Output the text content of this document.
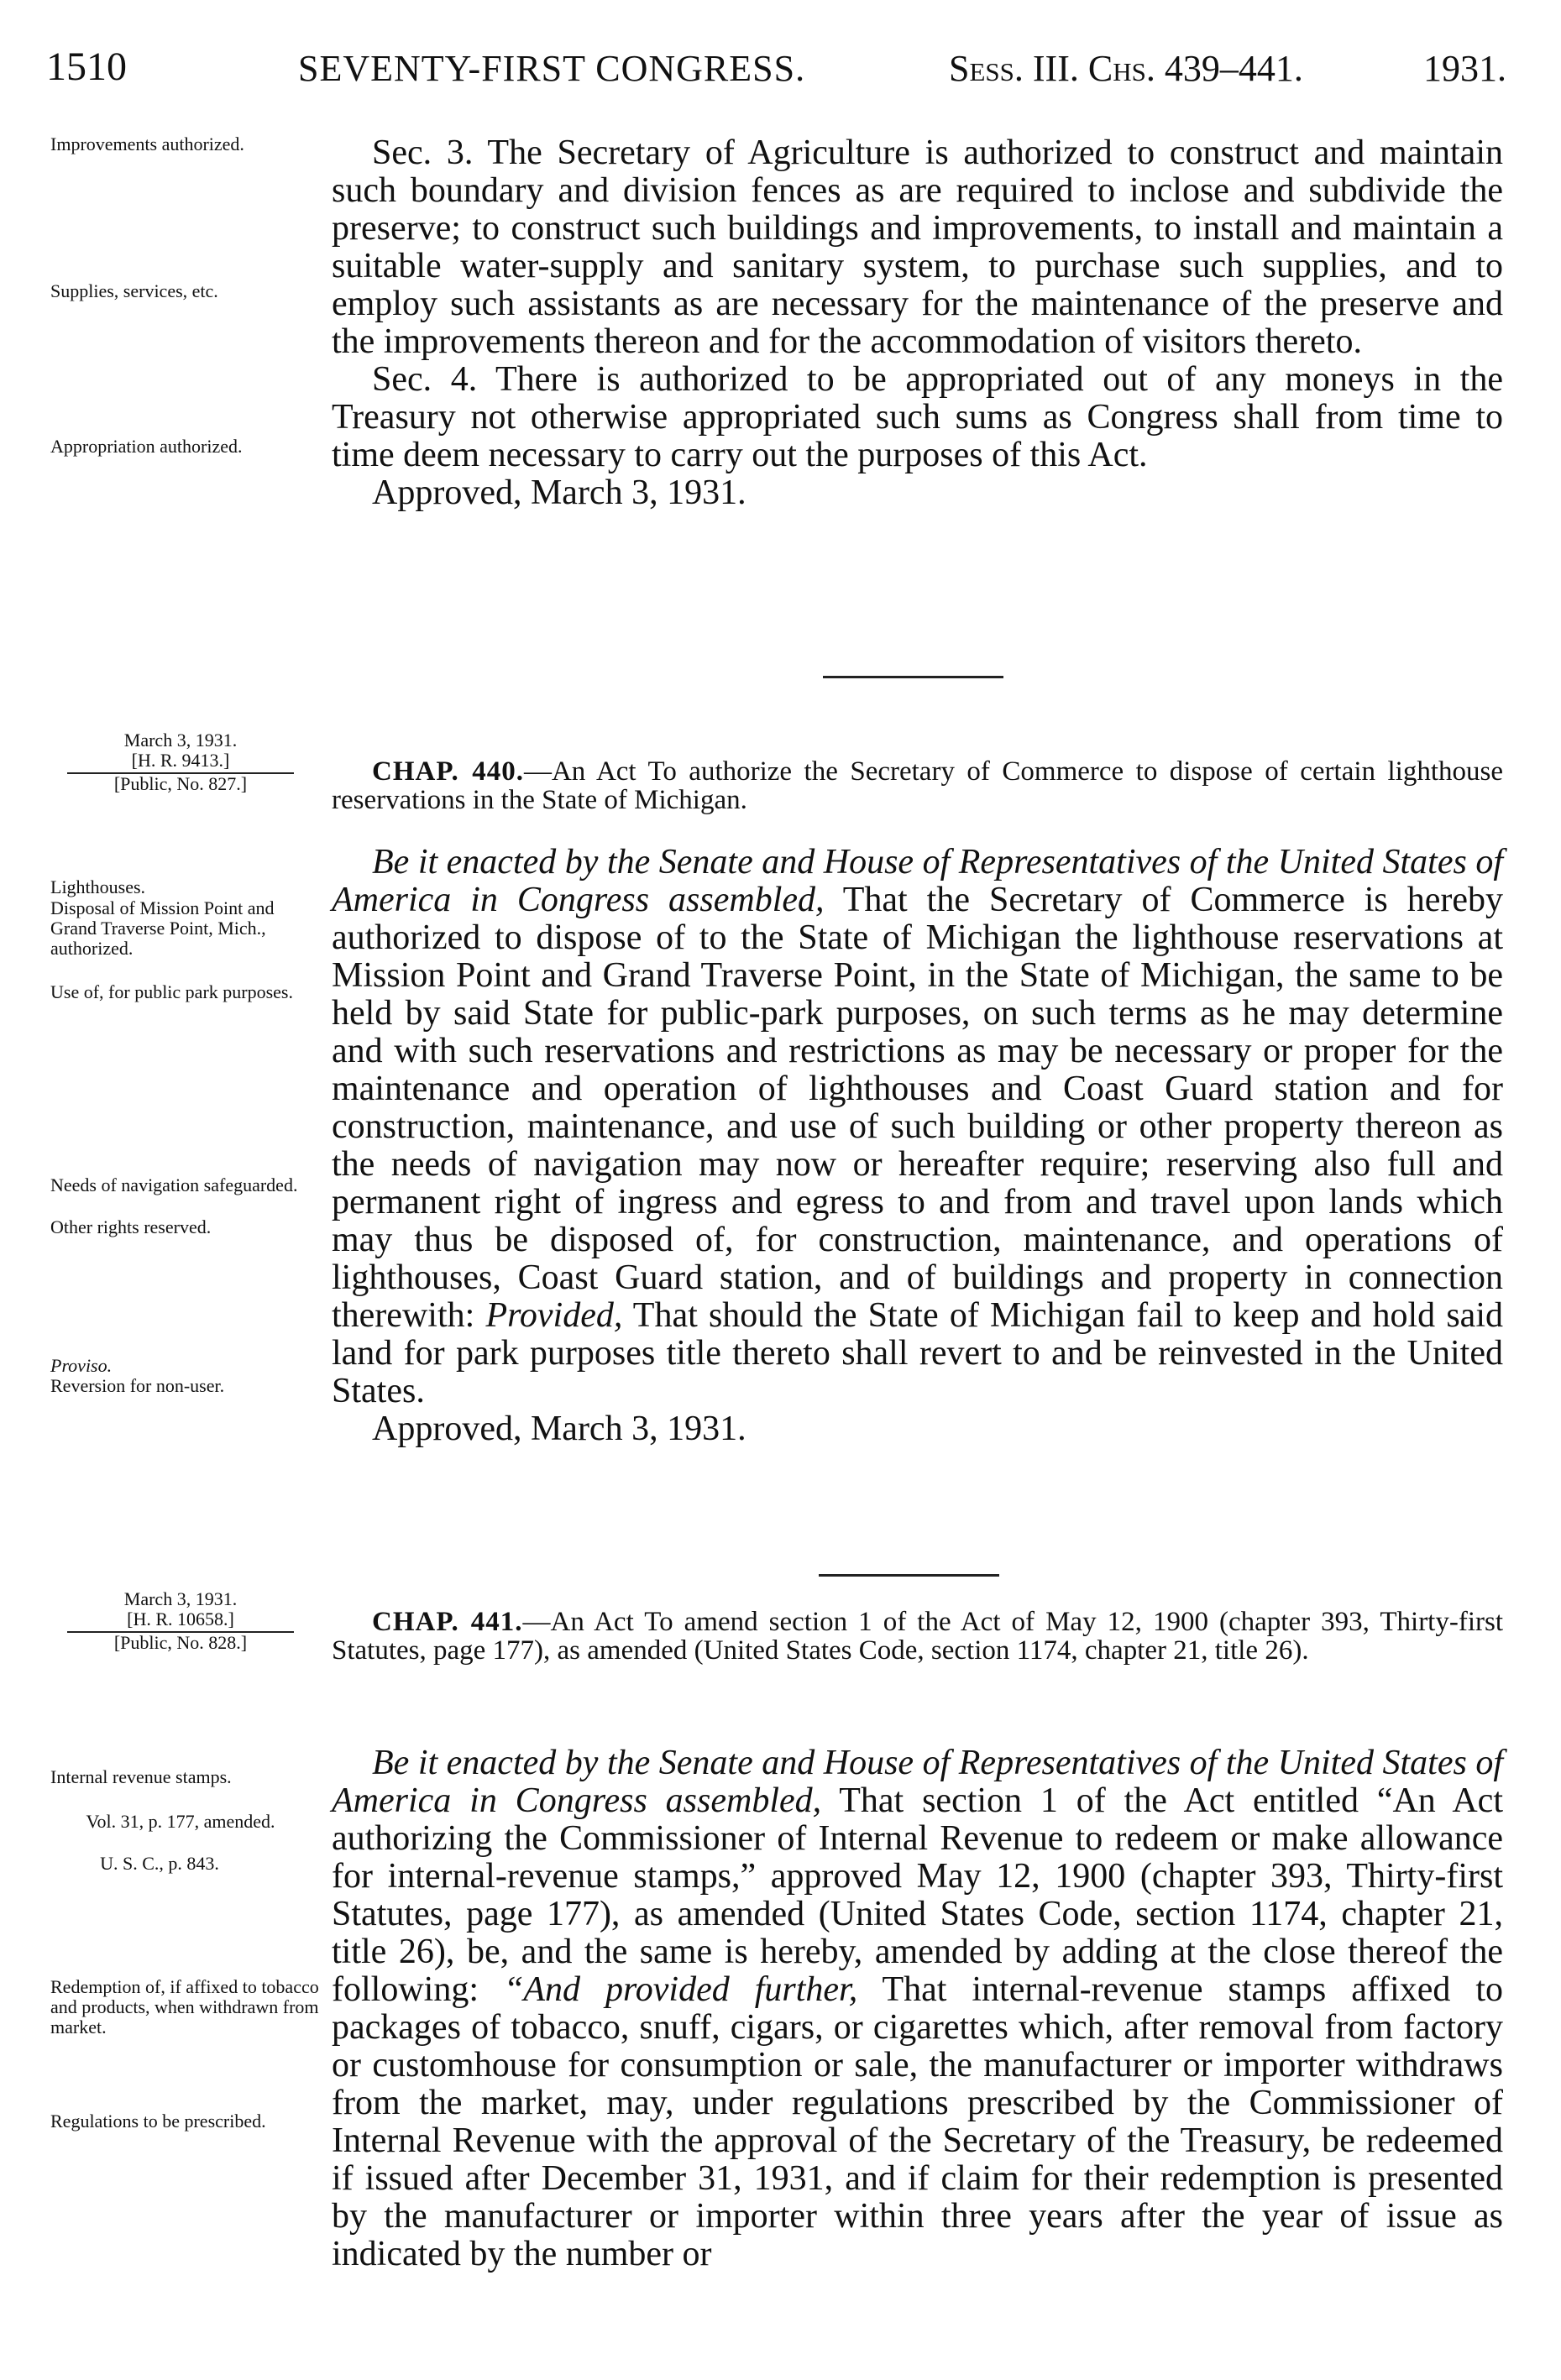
1510	SEVENTY-FIRST CONGRESS.	Sess. III. Chs. 439–441.	1931.
Improvements authorized.
Supplies, services, etc.
Appropriation authorized.

Sec. 3. The Secretary of Agriculture is authorized to construct and maintain such boundary and division fences as are required to inclose and subdivide the preserve; to construct such buildings and improvements, to install and maintain a suitable water-supply and sanitary system, to purchase such supplies, and to employ such assistants as are necessary for the maintenance of the preserve and the improvements thereon and for the accommodation of visitors thereto.

Sec. 4. There is authorized to be appropriated out of any moneys in the Treasury not otherwise appropriated such sums as Congress shall from time to time deem necessary to carry out the purposes of this Act.

Approved, March 3, 1931.

March 3, 1931.
[H. R. 9413.]
[Public, No. 827.]	CHAP. 440.—An Act To authorize the Secretary of Commerce to dispose of certain lighthouse reservations in the State of Michigan.

Lighthouses.
Disposal of Mission Point and Grand Traverse Point, Mich., authorized.
Use of, for public park purposes.
Needs of navigation safeguarded.
Other rights reserved.
Proviso.
Reversion for non-user.

Be it enacted by the Senate and House of Representatives of the United States of America in Congress assembled, That the Secretary of Commerce is hereby authorized to dispose of to the State of Michigan the lighthouse reservations at Mission Point and Grand Traverse Point, in the State of Michigan, the same to be held by said State for public-park purposes, on such terms as he may determine and with such reservations and restrictions as may be necessary or proper for the maintenance and operation of lighthouses and Coast Guard station and for construction, maintenance, and use of such building or other property thereon as the needs of navigation may now or hereafter require; reserving also full and permanent right of ingress and egress to and from and travel upon lands which may thus be disposed of, for construction, maintenance, and operations of lighthouses, Coast Guard station, and of buildings and property in connection therewith: Provided, That should the State of Michigan fail to keep and hold said land for park purposes title thereto shall revert to and be reinvested in the United States.

Approved, March 3, 1931.

March 3, 1931.
[H. R. 10658.]
[Public, No. 828.]

CHAP. 441.—An Act To amend section 1 of the Act of May 12, 1900 (chapter 393, Thirty-first Statutes, page 177), as amended (United States Code, section 1174, chapter 21, title 26).

Internal revenue stamps.
Vol. 31, p. 177, amended.
U. S. C., p. 843.
Redemption of, if affixed to tobacco and products, when withdrawn from market.
Regulations to be prescribed.

Be it enacted by the Senate and House of Representatives of the United States of America in Congress assembled, That section 1 of the Act entitled “An Act authorizing the Commissioner of Internal Revenue to redeem or make allowance for internal-revenue stamps,” approved May 12, 1900 (chapter 393, Thirty-first Statutes, page 177), as amended (United States Code, section 1174, chapter 21, title 26), be, and the same is hereby, amended by adding at the close thereof the following: “And provided further, That internal-revenue stamps affixed to packages of tobacco, snuff, cigars, or cigarettes which, after removal from factory or customhouse for consumption or sale, the manufacturer or importer withdraws from the market, may, under regulations prescribed by the Commissioner of Internal Revenue with the approval of the Secretary of the Treasury, be redeemed if issued after December 31, 1931, and if claim for their redemption is presented by the manufacturer or importer within three years after the year of issue as indicated by the number or
